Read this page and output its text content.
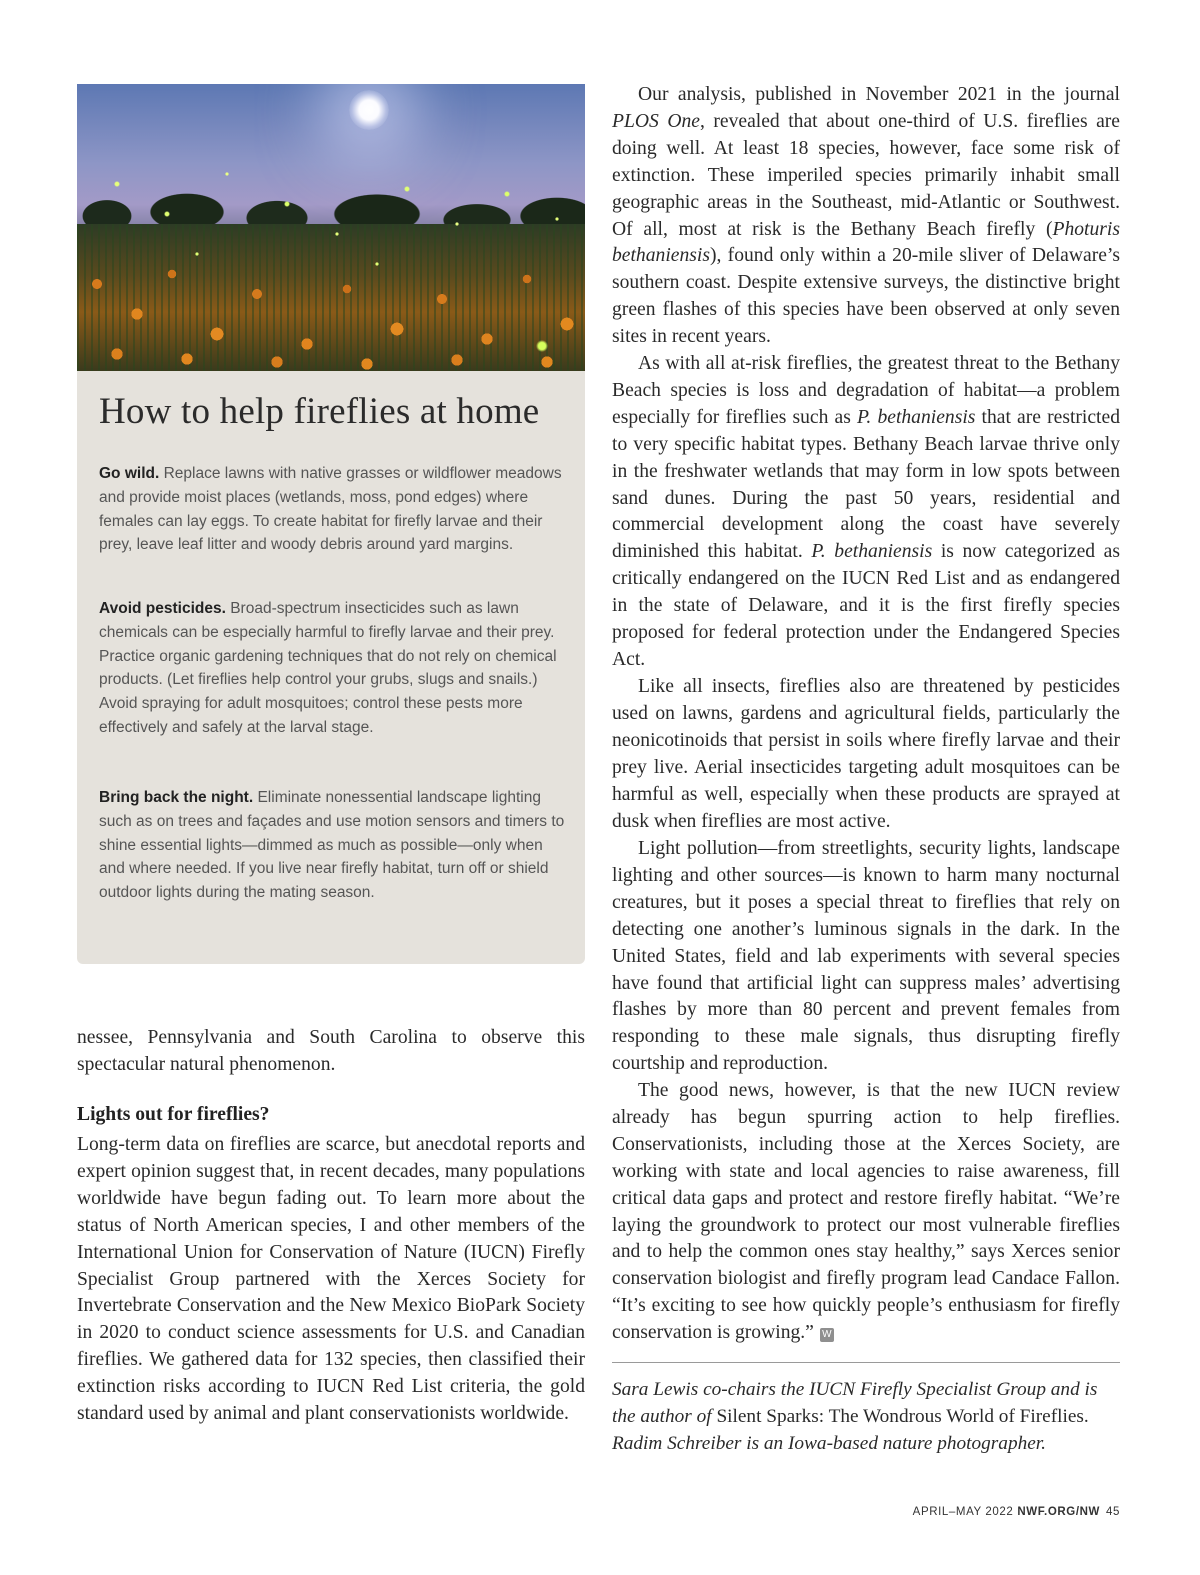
How to help fireflies at home

Go wild. Replace lawns with native grasses or wildflower meadows and provide moist places (wetlands, moss, pond edges) where females can lay eggs. To create habitat for firefly larvae and their prey, leave leaf litter and woody debris around yard margins.

Avoid pesticides. Broad-spectrum insecticides such as lawn chemicals can be especially harmful to firefly larvae and their prey. Practice organic gardening techniques that do not rely on chemical products. (Let fireflies help control your grubs, slugs and snails.) Avoid spraying for adult mosquitoes; control these pests more effectively and safely at the larval stage.

Bring back the night. Eliminate nonessential landscape lighting such as on trees and façades and use motion sensors and timers to shine essential lights—dimmed as much as possible—only when and where needed. If you live near firefly habitat, turn off or shield outdoor lights during the mating season.

nessee, Pennsylvania and South Carolina to observe this spectacular natural phenomenon.

Lights out for fireflies?

Long-term data on fireflies are scarce, but anecdotal reports and expert opinion suggest that, in recent decades, many populations worldwide have begun fading out. To learn more about the status of North American species, I and other members of the International Union for Conservation of Nature (IUCN) Firefly Specialist Group partnered with the Xerces Society for Invertebrate Conservation and the New Mexico BioPark Society in 2020 to conduct science assessments for U.S. and Canadian fireflies. We gathered data for 132 species, then classified their extinction risks according to IUCN Red List criteria, the gold standard used by animal and plant conservationists worldwide.

Our analysis, published in November 2021 in the journal PLOS One, revealed that about one-third of U.S. fireflies are doing well. At least 18 species, however, face some risk of extinction. These imperiled species primarily inhabit small geographic areas in the Southeast, mid-Atlantic or Southwest. Of all, most at risk is the Bethany Beach firefly (Photuris bethaniensis), found only within a 20-mile sliver of Delaware’s southern coast. Despite extensive surveys, the distinctive bright green flashes of this species have been observed at only seven sites in recent years.

As with all at-risk fireflies, the greatest threat to the Bethany Beach species is loss and degradation of habitat—a problem especially for fireflies such as P. bethaniensis that are restricted to very specific habitat types. Bethany Beach larvae thrive only in the freshwater wetlands that may form in low spots between sand dunes. During the past 50 years, residential and commercial development along the coast have severely diminished this habitat. P. bethaniensis is now categorized as critically endangered on the IUCN Red List and as endangered in the state of Delaware, and it is the first firefly species proposed for federal protection under the Endangered Species Act.

Like all insects, fireflies also are threatened by pesticides used on lawns, gardens and agricultural fields, particularly the neonicotinoids that persist in soils where firefly larvae and their prey live. Aerial insecticides targeting adult mosquitoes can be harmful as well, especially when these products are sprayed at dusk when fireflies are most active.

Light pollution—from streetlights, security lights, landscape lighting and other sources—is known to harm many nocturnal creatures, but it poses a special threat to fireflies that rely on detecting one another’s luminous signals in the dark. In the United States, field and lab experiments with several species have found that artificial light can suppress males’ advertising flashes by more than 80 percent and prevent females from responding to these male signals, thus disrupting firefly courtship and reproduction.

The good news, however, is that the new IUCN review already has begun spurring action to help fireflies. Conservationists, including those at the Xerces Society, are working with state and local agencies to raise awareness, fill critical data gaps and protect and restore firefly habitat. “We’re laying the groundwork to protect our most vulnerable fireflies and to help the common ones stay healthy,” says Xerces senior conservation biologist and firefly program lead Candace Fallon. “It’s exciting to see how quickly people’s enthusiasm for firefly conservation is growing.” W

Sara Lewis co-chairs the IUCN Firefly Specialist Group and is the author of Silent Sparks: The Wondrous World of Fireflies.
Radim Schreiber is an Iowa-based nature photographer.

APRIL–MAY 2022 NWF.ORG/NW 45
